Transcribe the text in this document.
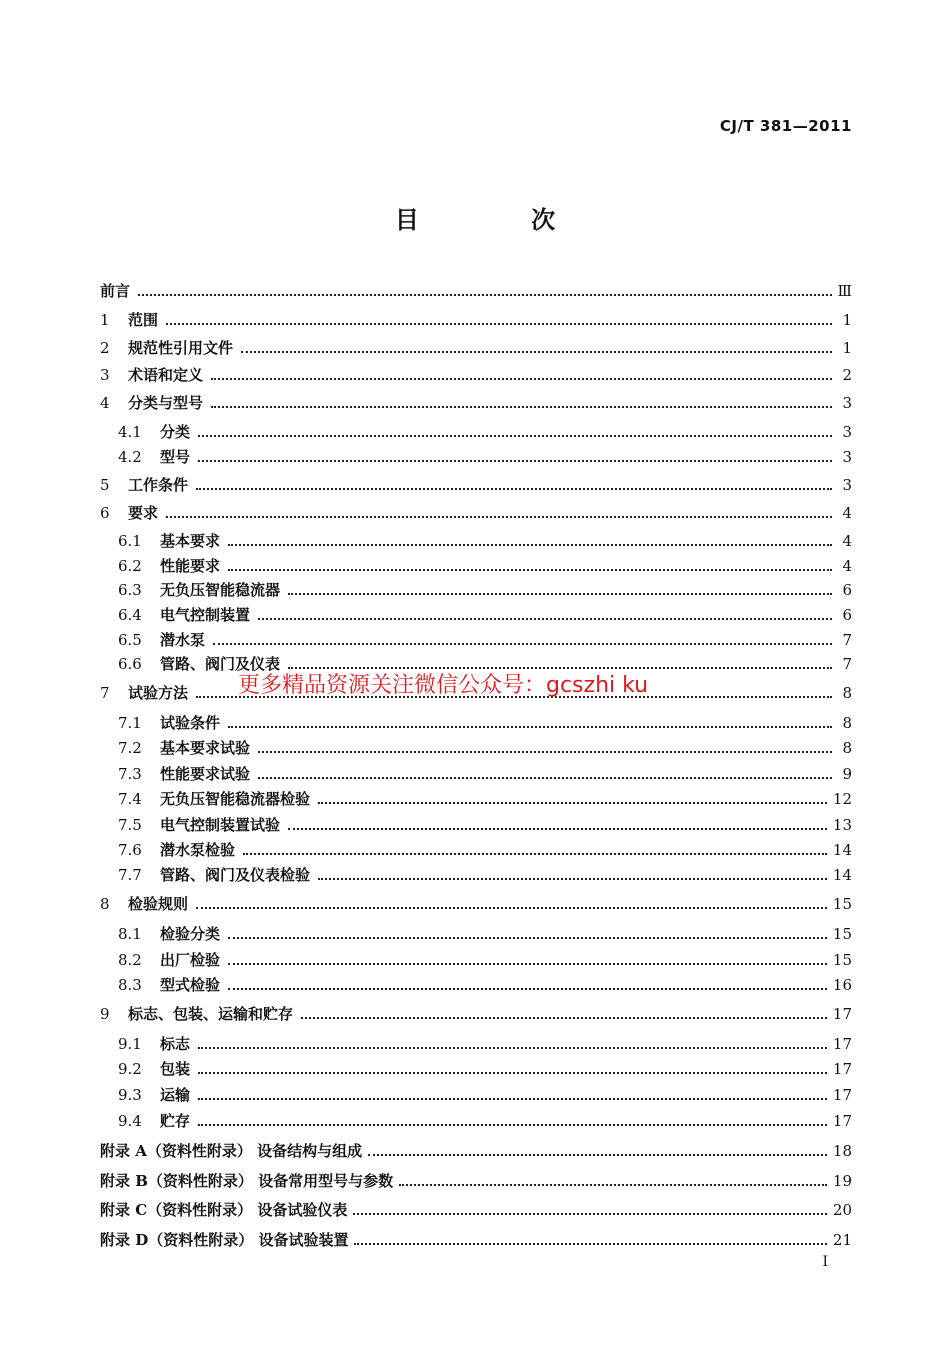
CJ/T 381—2011
目 次
前言	Ⅲ
1	范围	1
2	规范性引用文件	1
3	术语和定义	2
4	分类与型号	3
4.1	分类	3
4.2	型号	3
5	工作条件	3
6	要求	4
6.1	基本要求	4
6.2	性能要求	4
6.3	无负压智能稳流器	6
6.4	电气控制装置	6
6.5	潜水泵	7
6.6	管路、阀门及仪表	7
7	试验方法	8
7.1	试验条件	8
7.2	基本要求试验	8
7.3	性能要求试验	9
7.4	无负压智能稳流器检验	12
7.5	电气控制装置试验	13
7.6	潜水泵检验	14
7.7	管路、阀门及仪表检验	14
8	检验规则	15
8.1	检验分类	15
8.2	出厂检验	15
8.3	型式检验	16
9	标志、包装、运输和贮存	17
9.1	标志	17
9.2	包装	17
9.3	运输	17
9.4	贮存	17
附录 A（资料性附录） 设备结构与组成	18
附录 B（资料性附录） 设备常用型号与参数	19
附录 C（资料性附录） 设备试验仪表	20
附录 D（资料性附录） 设备试验装置	21
更多精品资源关注微信公众号：gcszhi ku
I
